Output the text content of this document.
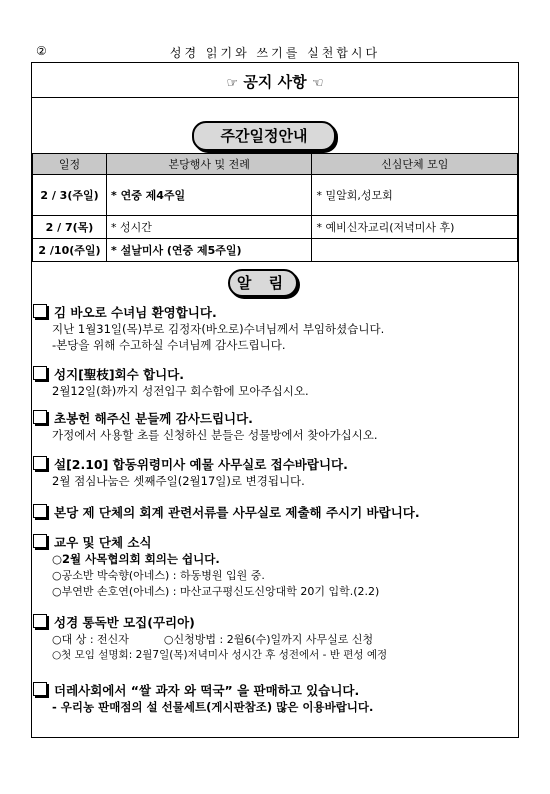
②	성경 읽기와 쓰기를 실천합시다
☞ 공지 사항 ☜
주간일정안내
일정	본당행사 및 전례	신심단체 모임
2 / 3(주일)	* 연중 제4주일	* 밀알회,성모회
2 / 7(목)	* 성시간	* 예비신자교리(저녁미사 후)
2 /10(주일)	* 설날미사 (연중 제5주일)	
알 림
김 바오로 수녀님 환영합니다.
지난 1월31일(목)부로 김정자(바오로)수녀님께서 부임하셨습니다.
-본당을 위해 수고하실 수녀님께 감사드립니다.
성지[聖枝]회수 합니다.
2월12일(화)까지 성전입구 회수함에 모아주십시오.
초봉헌 해주신 분들께 감사드립니다.
가정에서 사용할 초를 신청하신 분들은 성물방에서 찾아가십시오.
설[2.10] 합동위령미사 예물 사무실로 접수바랍니다.
2월 점심나눔은 셋째주일(2월17일)로 변경됩니다.
본당 제 단체의 회계 관련서류를 사무실로 제출해 주시기 바랍니다.
교우 및 단체 소식
○2월 사목협의회 회의는 쉽니다.
○공소반 박숙향(아네스) : 하동병원 입원 중.
○부연반 손호연(아네스) : 마산교구평신도신앙대학 20기 입학.(2.2)
성경 통독반 모집(꾸리아)
○대 상 : 전신자          ○신청방법 : 2월6(수)일까지 사무실로 신청
○첫 모임 설명회: 2월7일(목)저녁미사 성시간 후 성전에서 - 반 편성 예정
더레사회에서 “쌀 과자 와 떡국” 을 판매하고 있습니다.
- 우리농 판매점의 설 선물세트(게시판참조) 많은 이용바랍니다.
